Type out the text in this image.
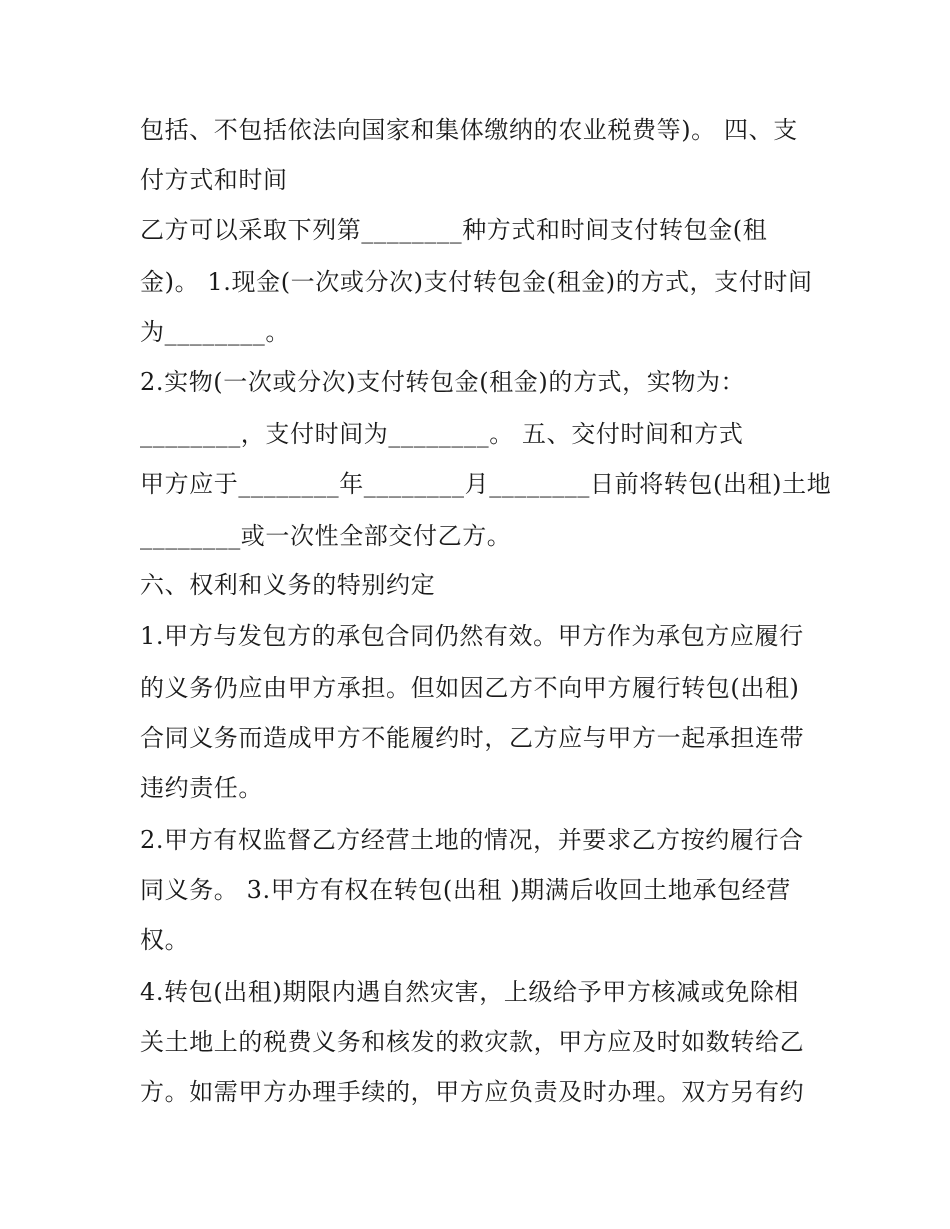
包括、不包括依法向国家和集体缴纳的农业税费等)。 四、支
付方式和时间
乙方可以采取下列第________种方式和时间支付转包金(租
金)。 1.现金(一次或分次)支付转包金(租金)的方式，支付时间
为________。
2.实物(一次或分次)支付转包金(租金)的方式，实物为：
________，支付时间为________。 五、交付时间和方式
甲方应于________年________月________日前将转包(出租)土地
________或一次性全部交付乙方。
六、权利和义务的特别约定
1.甲方与发包方的承包合同仍然有效。甲方作为承包方应履行
的义务仍应由甲方承担。但如因乙方不向甲方履行转包(出租)
合同义务而造成甲方不能履约时，乙方应与甲方一起承担连带
违约责任。
2.甲方有权监督乙方经营土地的情况，并要求乙方按约履行合
同义务。 3.甲方有权在转包(出租 )期满后收回土地承包经营
权。
4.转包(出租)期限内遇自然灾害，上级给予甲方核减或免除相
关土地上的税费义务和核发的救灾款，甲方应及时如数转给乙
方。如需甲方办理手续的，甲方应负责及时办理。双方另有约
